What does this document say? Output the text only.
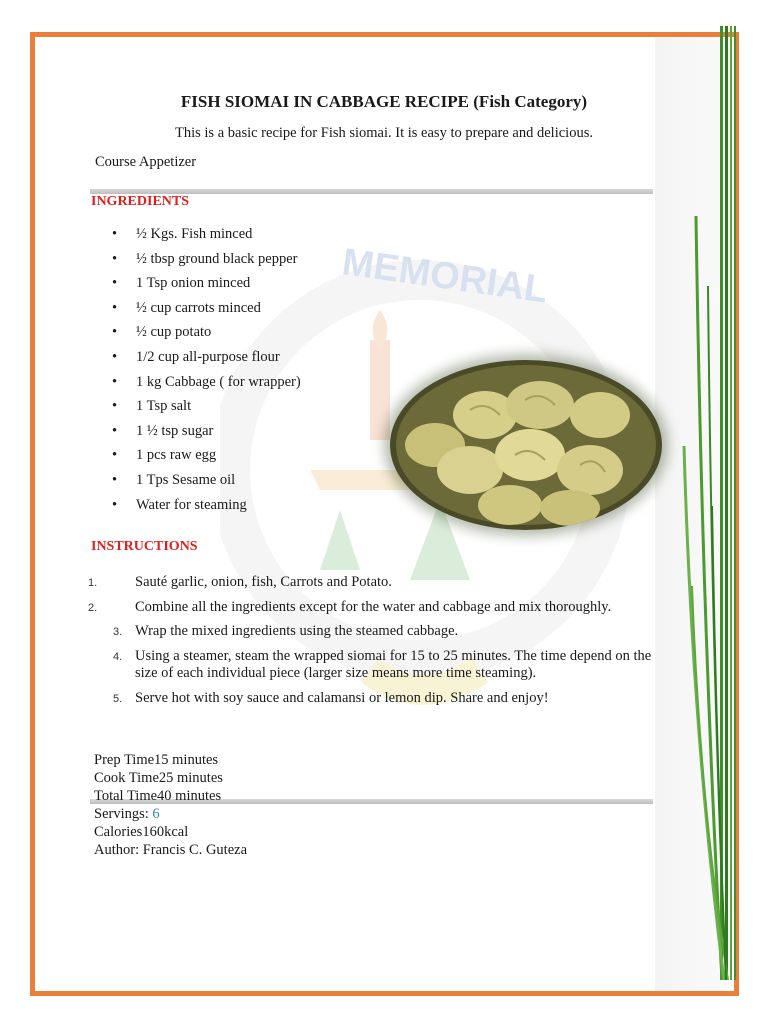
MEMORIAL
FISH SIOMAI IN CABBAGE RECIPE (Fish Category)
This is a basic recipe for Fish siomai. It is easy to prepare and delicious.
Course Appetizer
INGREDIENTS
• ½ Kgs. Fish minced
• ½ tbsp ground black pepper
• 1 Tsp onion minced
• ½ cup carrots minced
• ½ cup potato
• 1/2 cup all-purpose flour
• 1 kg Cabbage ( for wrapper)
• 1 Tsp salt
• 1 ½ tsp sugar
• 1 pcs raw egg
• 1 Tps Sesame oil
• Water for steaming
INSTRUCTIONS
1.	Sauté garlic, onion, fish, Carrots and Potato.
2.	Combine all the ingredients except for the water and cabbage and mix thoroughly.
3. Wrap the mixed ingredients using the steamed cabbage.
4. Using a steamer, steam the wrapped siomai for 15 to 25 minutes. The time depend on the size of each individual piece (larger size means more time steaming).
5. Serve hot with soy sauce and calamansi or lemon dip. Share and enjoy!
Prep Time15 minutes
Cook Time25 minutes
Total Time40 minutes
Servings: 6
Calories160kcal
Author: Francis C. Guteza
